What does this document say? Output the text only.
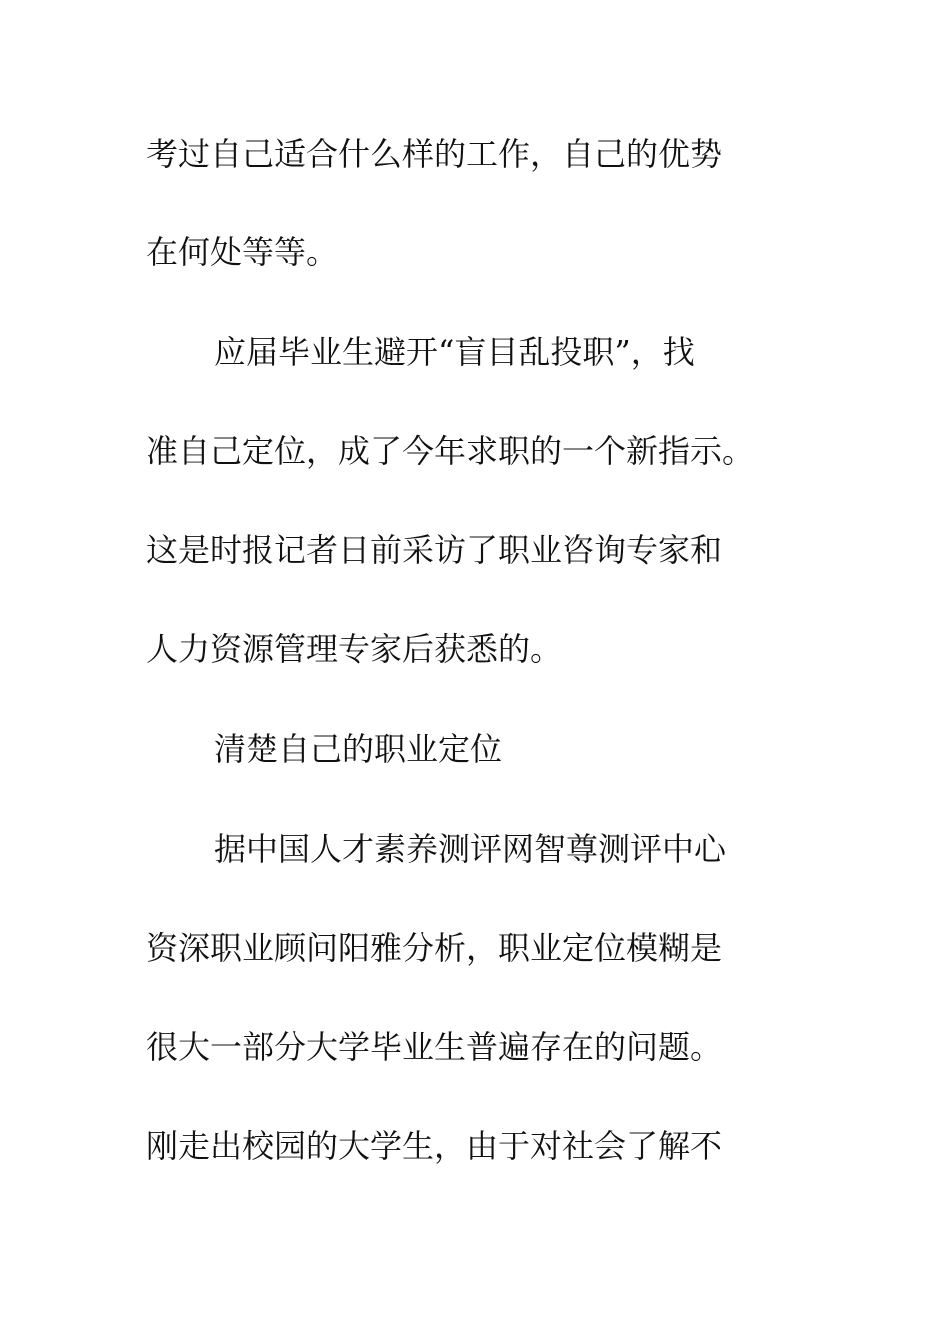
考过自己适合什么样的工作，自己的优势

在何处等等。

应届毕业生避开“盲目乱投职”，找

准自己定位，成了今年求职的一个新指示。

这是时报记者日前采访了职业咨询专家和

人力资源管理专家后获悉的。

清楚自己的职业定位

据中国人才素养测评网智尊测评中心

资深职业顾问阳雅分析，职业定位模糊是

很大一部分大学毕业生普遍存在的问题。

刚走出校园的大学生，由于对社会了解不
